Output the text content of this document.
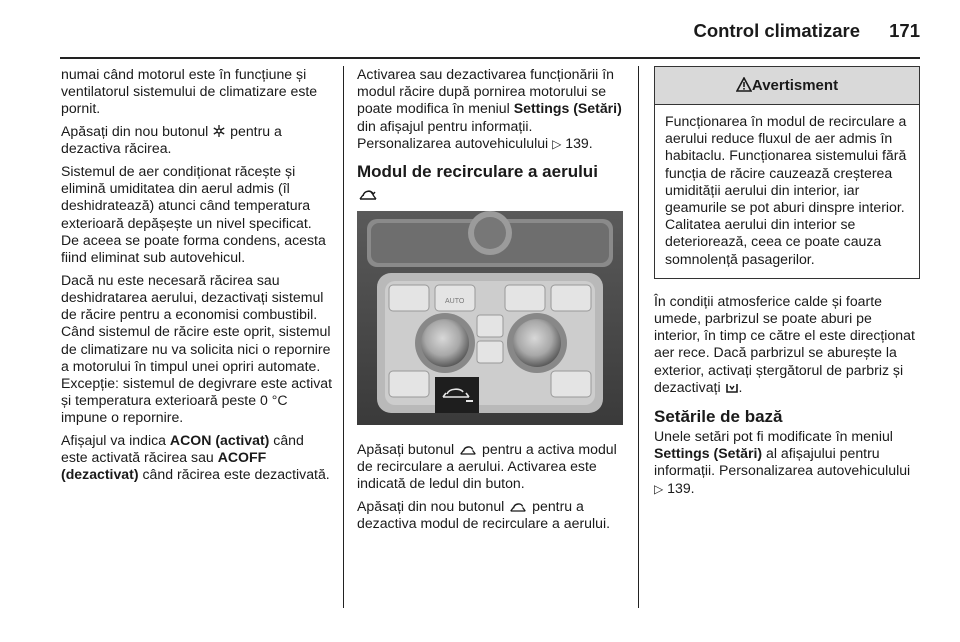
Control climatizare 171

numai când motorul este în funcțiune și ventilatorul sistemului de climatizare este pornit.

Apăsați din nou butonul pentru a dezactiva răcirea.

Sistemul de aer condiționat răcește și elimină umiditatea din aerul admis (îl deshidratează) atunci când temperatura exterioară depășește un nivel specificat. De aceea se poate forma condens, acesta fiind eliminat sub autovehicul.

Dacă nu este necesară răcirea sau deshidratarea aerului, dezactivați sistemul de răcire pentru a economisi combustibil. Când sistemul de răcire este oprit, sistemul de climatizare nu va solicita nici o repornire a motorului în timpul unei opriri automate.

Excepție: sistemul de degivrare este activat și temperatura exterioară peste 0 °C impune o repornire.

Afișajul va indica ACON (activat) când este activată răcirea sau ACOFF (dezactivat) când răcirea este dezactivată.

Activarea sau dezactivarea funcționării în modul răcire după pornirea motorului se poate modifica în meniul Settings (Setări) din afișajul pentru informații. Personalizarea autovehiculului ▷ 139.

Modul de recirculare a aerului
AUTO

Apăsați butonul pentru a activa modul de recirculare a aerului. Activarea este indicată de ledul din buton.

Apăsați din nou butonul pentru a dezactiva modul de recirculare a aerului.

Avertisment

Funcționarea în modul de recirculare a aerului reduce fluxul de aer admis în habitaclu. Funcționarea sistemului fără funcția de răcire cauzează creșterea umidității aerului din interior, iar geamurile se pot aburi dinspre interior. Calitatea aerului din interior se deteriorează, ceea ce poate cauza somnolență pasagerilor.

În condiții atmosferice calde și foarte umede, parbrizul se poate aburi pe interior, în timp ce către el este direcționat aer rece. Dacă parbrizul se aburește la exterior, activați ștergătorul de parbriz și dezactivați .

Setările de bază

Unele setări pot fi modificate în meniul Settings (Setări) al afișajului pentru informații. Personalizarea autovehiculului ▷ 139.
